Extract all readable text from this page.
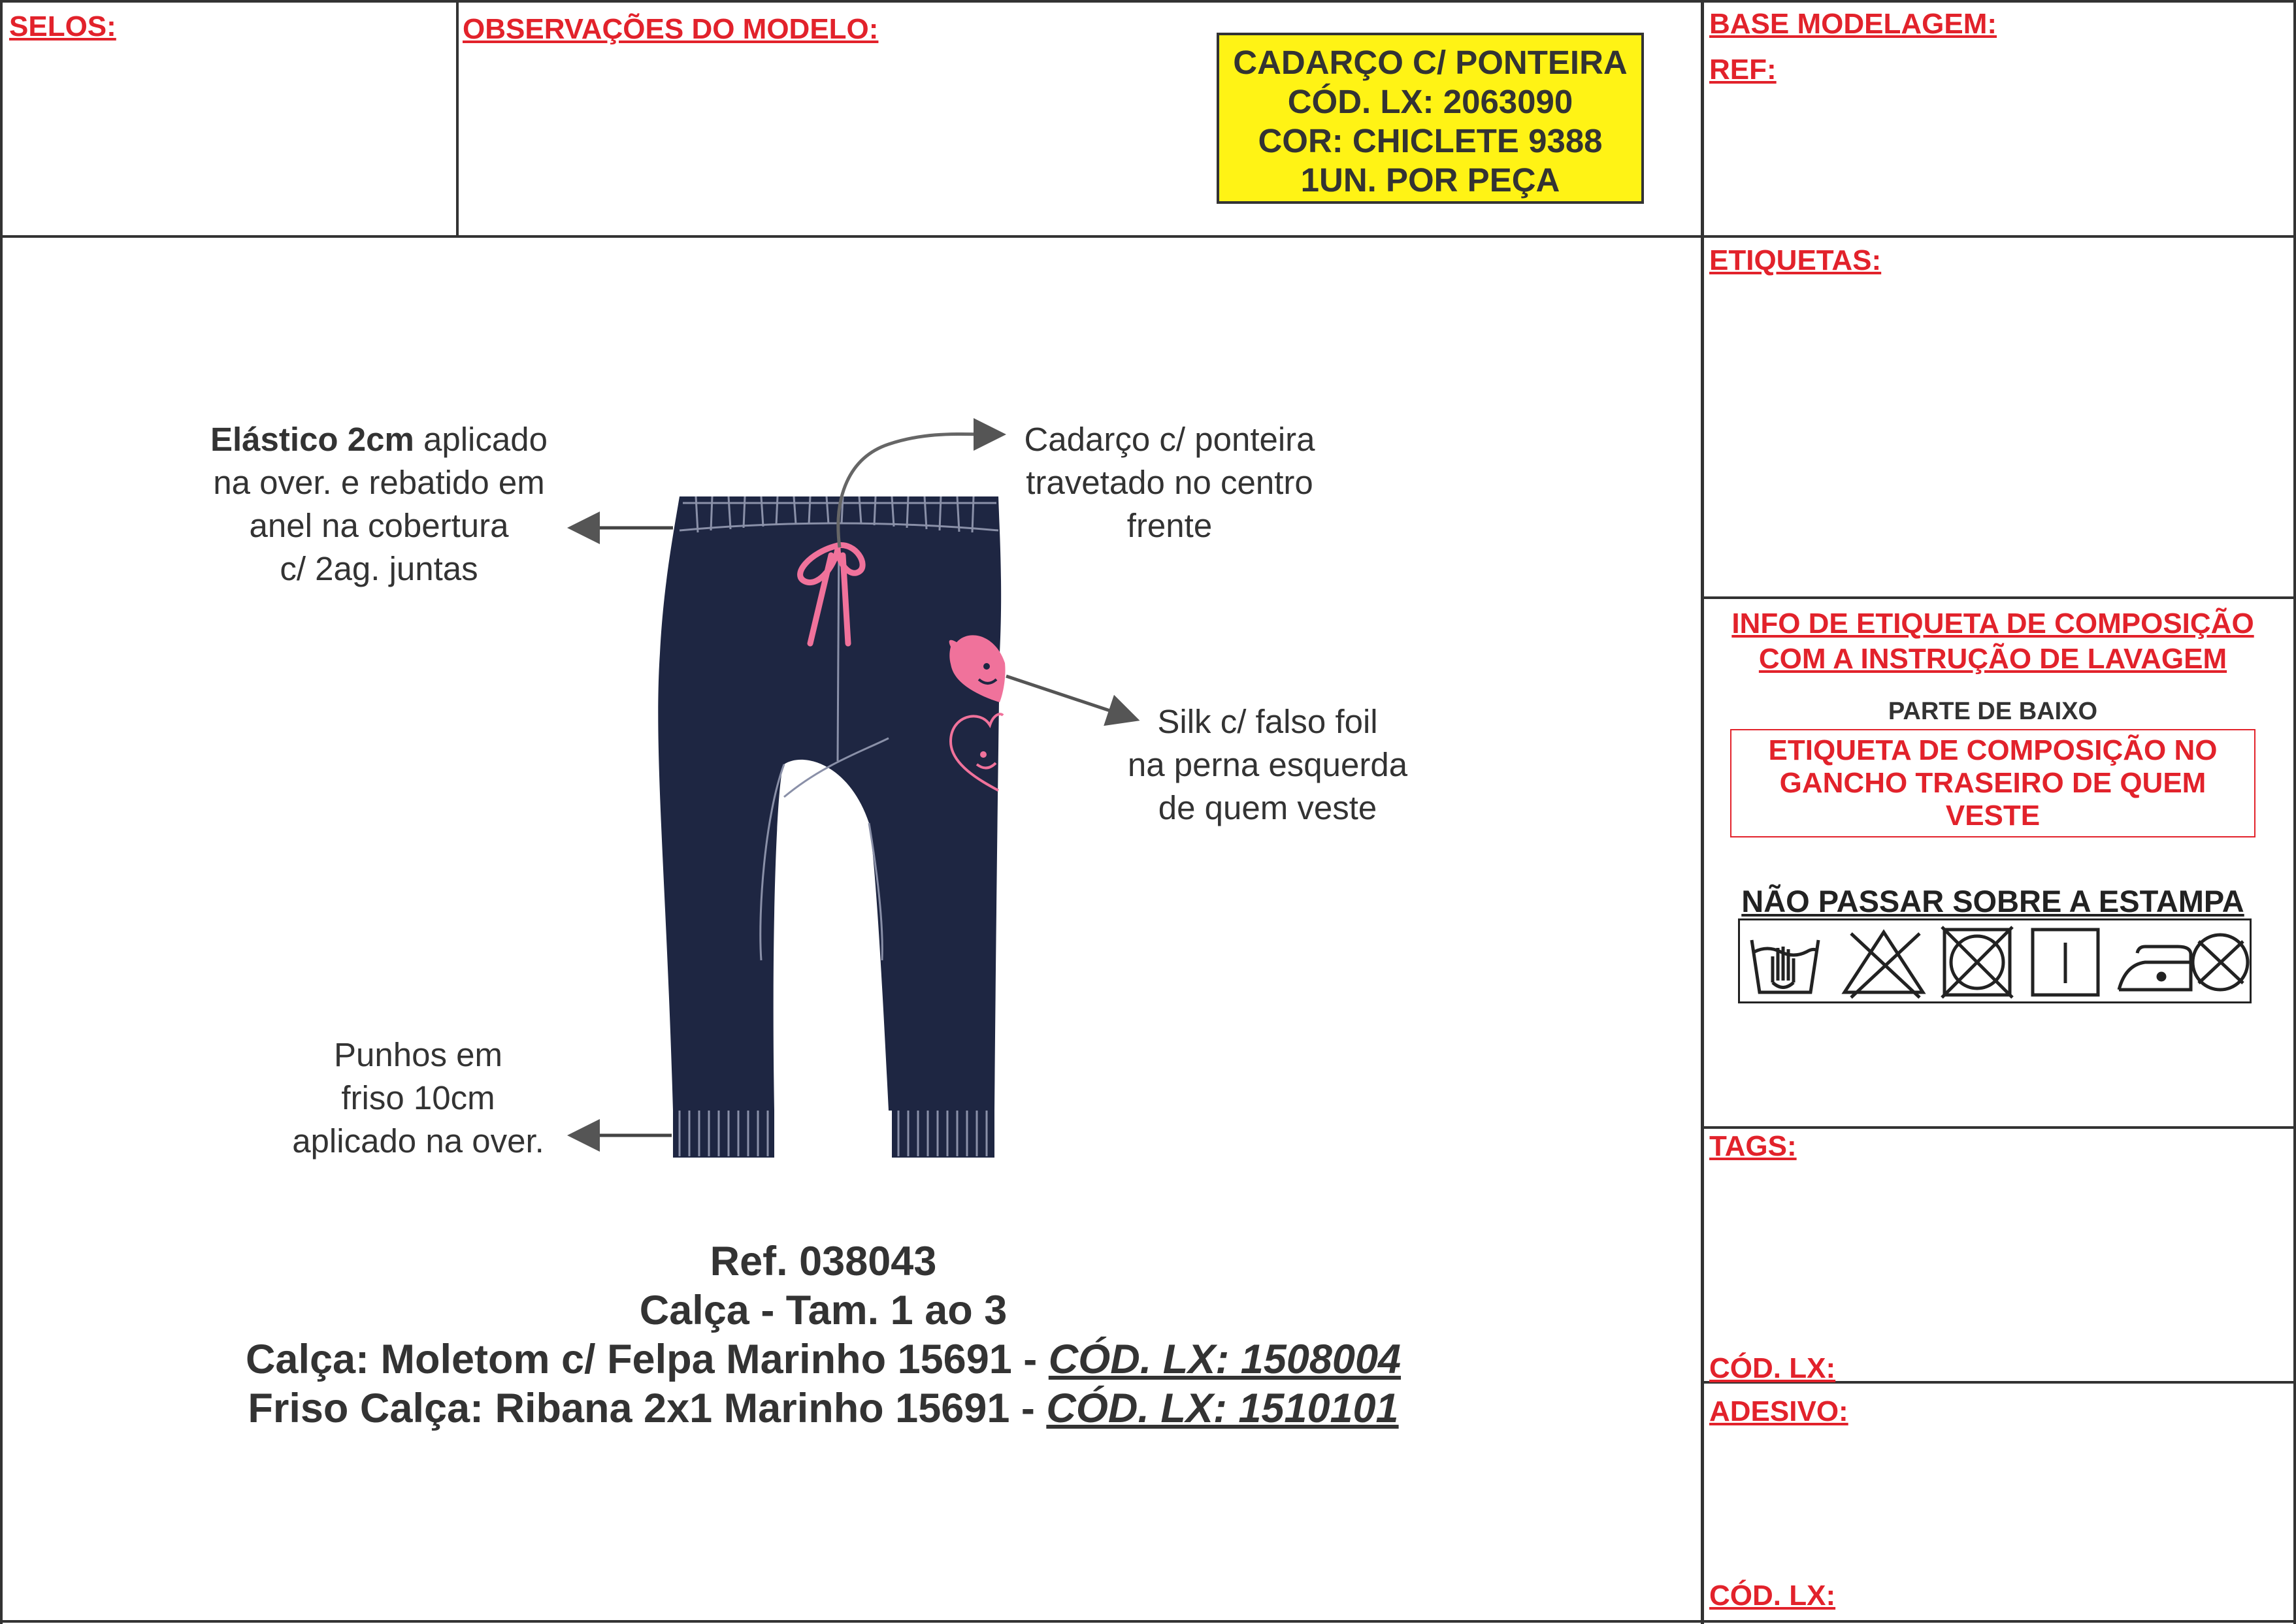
SELOS:	OBSERVAÇÕES DO MODELO:	BASE MODELAGEM:
REF:
CADARÇO C/ PONTEIRA
CÓD. LX: 2063090
COR: CHICLETE 9388
1UN. POR PEÇA
Elástico 2cm aplicado
na over. e rebatido em
anel na cobertura
c/ 2ag. juntas
Cadarço c/ ponteira
travetado no centro
frente
Silk c/ falso foil
na perna esquerda
de quem veste
Punhos em
friso 10cm
aplicado na over.
Ref. 038043
Calça - Tam. 1 ao 3
Calça: Moletom c/ Felpa Marinho 15691 - CÓD. LX: 1508004
Friso Calça: Ribana 2x1 Marinho 15691 - CÓD. LX: 1510101
ETIQUETAS:
INFO DE ETIQUETA DE COMPOSIÇÃO
COM A INSTRUÇÃO DE LAVAGEM
PARTE DE BAIXO
ETIQUETA DE COMPOSIÇÃO NO
GANCHO TRASEIRO DE QUEM
VESTE
NÃO PASSAR SOBRE A ESTAMPA
TAGS:
CÓD. LX:
ADESIVO:
CÓD. LX:
